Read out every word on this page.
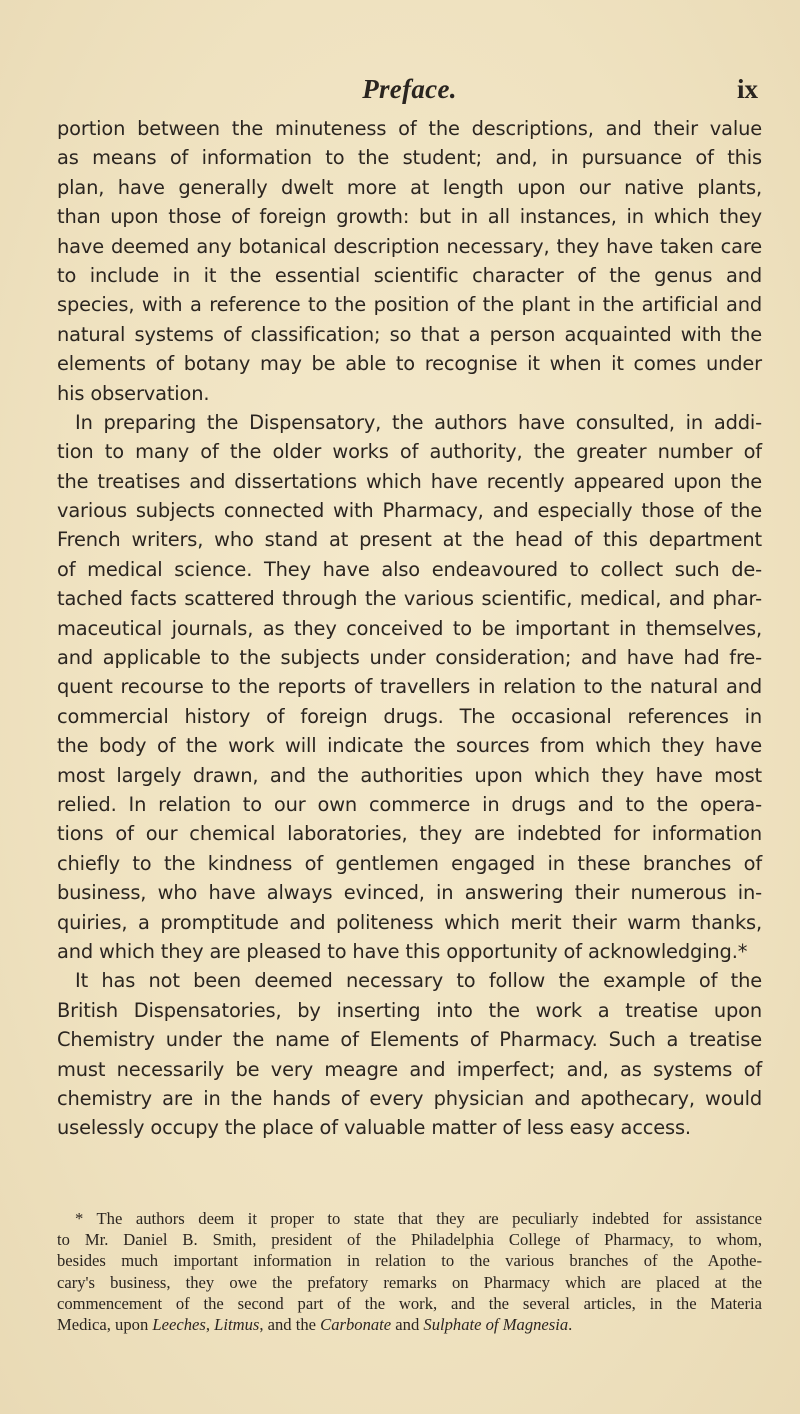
Preface.	ix
portion between the minuteness of the descriptions, and their value
as means of information to the student; and, in pursuance of this
plan, have generally dwelt more at length upon our native plants,
than upon those of foreign growth: but in all instances, in which they
have deemed any botanical description necessary, they have taken care
to include in it the essential scientific character of the genus and
species, with a reference to the position of the plant in the artificial and
natural systems of classification; so that a person acquainted with the
elements of botany may be able to recognise it when it comes under
his observation.
In preparing the Dispensatory, the authors have consulted, in addi-
tion to many of the older works of authority, the greater number of
the treatises and dissertations which have recently appeared upon the
various subjects connected with Pharmacy, and especially those of the
French writers, who stand at present at the head of this department
of medical science. They have also endeavoured to collect such de-
tached facts scattered through the various scientific, medical, and phar-
maceutical journals, as they conceived to be important in themselves,
and applicable to the subjects under consideration; and have had fre-
quent recourse to the reports of travellers in relation to the natural and
commercial history of foreign drugs. The occasional references in
the body of the work will indicate the sources from which they have
most largely drawn, and the authorities upon which they have most
relied. In relation to our own commerce in drugs and to the opera-
tions of our chemical laboratories, they are indebted for information
chiefly to the kindness of gentlemen engaged in these branches of
business, who have always evinced, in answering their numerous in-
quiries, a promptitude and politeness which merit their warm thanks,
and which they are pleased to have this opportunity of acknowledging.*
It has not been deemed necessary to follow the example of the
British Dispensatories, by inserting into the work a treatise upon
Chemistry under the name of Elements of Pharmacy. Such a treatise
must necessarily be very meagre and imperfect; and, as systems of
chemistry are in the hands of every physician and apothecary, would
uselessly occupy the place of valuable matter of less easy access.
* The authors deem it proper to state that they are peculiarly indebted for assistance
to Mr. Daniel B. Smith, president of the Philadelphia College of Pharmacy, to whom,
besides much important information in relation to the various branches of the Apothe-
cary's business, they owe the prefatory remarks on Pharmacy which are placed at the
commencement of the second part of the work, and the several articles, in the Materia
Medica, upon Leeches, Litmus, and the Carbonate and Sulphate of Magnesia.
